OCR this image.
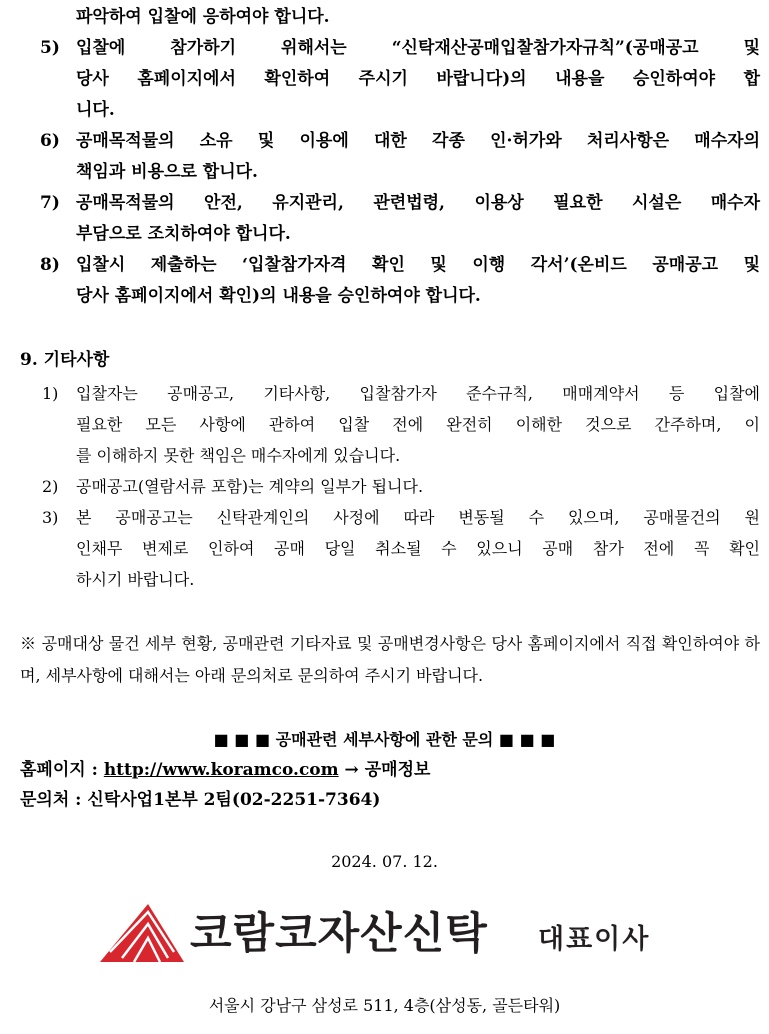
파악하여 입찰에 응하여야 합니다.
5) 입찰에 참가하기 위해서는 “신탁재산공매입찰참가자규칙”(공매공고 및
당사 홈페이지에서 확인하여 주시기 바랍니다)의 내용을 승인하여야 합
니다.
6) 공매목적물의 소유 및 이용에 대한 각종 인·허가와 처리사항은 매수자의
책임과 비용으로 합니다.
7) 공매목적물의 안전, 유지관리, 관련법령, 이용상 필요한 시설은 매수자
부담으로 조치하여야 합니다.
8) 입찰시 제출하는 ‘입찰참가자격 확인 및 이행 각서’(온비드 공매공고 및
당사 홈페이지에서 확인)의 내용을 승인하여야 합니다.
9. 기타사항
1) 입찰자는 공매공고, 기타사항, 입찰참가자 준수규칙, 매매계약서 등 입찰에
필요한 모든 사항에 관하여 입찰 전에 완전히 이해한 것으로 간주하며, 이
를 이해하지 못한 책임은 매수자에게 있습니다.
2) 공매공고(열람서류 포함)는 계약의 일부가 됩니다.
3) 본 공매공고는 신탁관계인의 사정에 따라 변동될 수 있으며, 공매물건의 원
인채무 변제로 인하여 공매 당일 취소될 수 있으니 공매 참가 전에 꼭 확인
하시기 바랍니다.
※ 공매대상 물건 세부 현황, 공매관련 기타자료 및 공매변경사항은 당사 홈페이지에서 직접 확인하여야 하며, 세부사항에 대해서는 아래 문의처로 문의하여 주시기 바랍니다.
■ ■ ■ 공매관련 세부사항에 관한 문의 ■ ■ ■
홈페이지 : http://www.koramco.com → 공매정보
문의처 : 신탁사업1본부 2팀(02-2251-7364)
2024. 07. 12.
코람코자산신탁 대표이사
서울시 강남구 삼성로 511, 4층(삼성동, 골든타워)
